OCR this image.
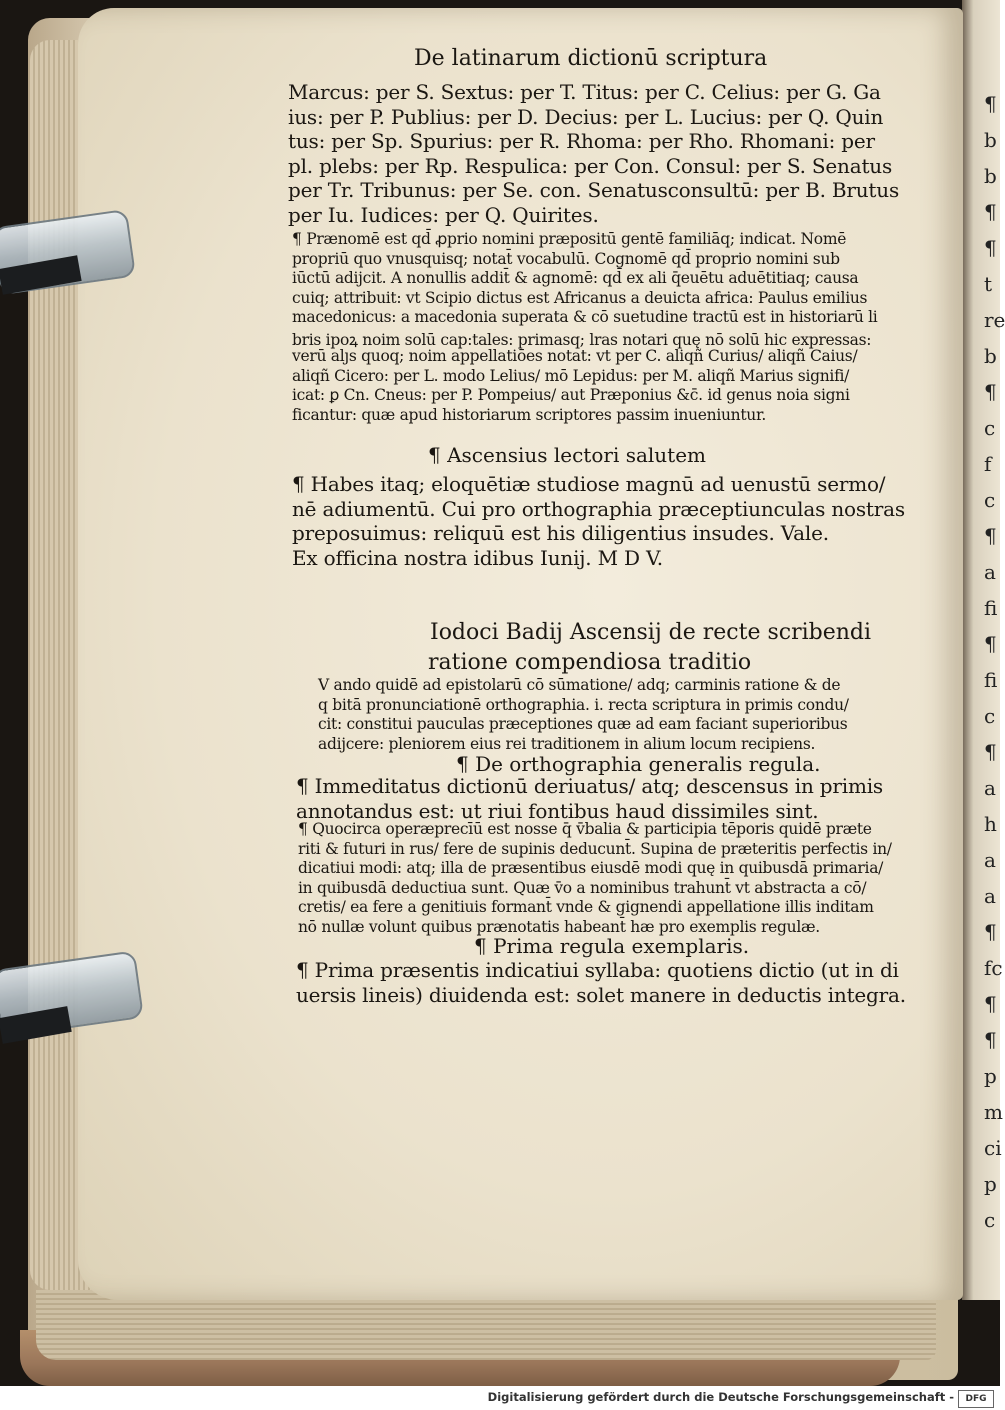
¶
b
b
¶
¶
t
re
b
¶
c
f
c
¶
a
fi
¶
fi
c
¶
a
h
a
a
¶
fc
¶
¶
p
m
ci
p
c
De latinarum dictionū scriptura
Marcus: per S. Sextus: per T. Titus: per C. Celius: per G. Ga
ius: per P. Publius: per D. Decius: per L. Lucius: per Q. Quin
tus: per Sp. Spurius: per R. Rhoma: per Rho. Rhomani: per
pl. plebs: per Rp. Respulica: per Con. Consul: per S. Senatus
per Tr. Tribunus: per Se. con. Senatusconsultū: per B. Brutus
per Iu. Iudices: per Q. Quirites.
¶ Prænomē est qd̄ ꝓprio nomini præpositū gentē familiāq; indicat. Nomē
propriū quo vnusquisq; notat̄ vocabulū. Cognomē qd̄ proprio nomini sub
iūctū adijcit. A nonullis addit̄ & agnomē: qd̄ ex ali q̄euētu aduētitiaq; causa
cuiq; attribuit: vt Scipio dictus est Africanus a deuicta africa: Paulus emilius
macedonicus: a macedonia superata & cō suetudine tractū est in historiarū li
bris ipoꝝ noim solū cap:tales: primasq; lras notari quę nō solū hic expressas:
verū alȷs quoq; noim appellatiōes notat: vt per C. aliqñ Curius/ aliqñ Caius/
aliqñ Cicero: per L. modo Lelius/ mō Lepidus: per M. aliqñ Marius signifi/
icat: ꝑ Cn. Cneus: per P. Pompeius/ aut Præponius &c̄. id genus noia signi
ficantur: quæ apud historiarum scriptores passim inueniuntur.
¶ Ascensius lectori salutem
¶ Habes itaq; eloquētiæ studiose magnū ad uenustū sermo/
nē adiumentū. Cui pro orthographia præceptiunculas nostras
preposuimus: reliquū est his diligentius insudes. Vale.
Ex officina nostra idibus Iunij. M D V.
Iodoci Badij Ascensij de recte scribendi
ratione compendiosa traditio
V ando quidē ad epistolarū cō sūmatione/ adq; carminis ratione & de
q bitā pronunciationē orthographia. i. recta scriptura in primis condu/
cit: constitui pauculas præceptiones quæ ad eam faciant superioribus
adijcere: pleniorem eius rei traditionem in alium locum recipiens.
¶ De orthographia generalis regula.
¶ Immeditatus dictionū deriuatus/ atq; descensus in primis
annotandus est: ut riui fontibus haud dissimiles sint.
¶ Quocirca operæprecīū est nosse q̄ v̄balia & participia tēporis quidē præte
riti & futuri in rus/ fere de supinis deducunt̄. Supina de præteritis perfectis in/
dicatiui modi: atq; illa de præsentibus eiusdē modi quę in quibusdā primaria/
in quibusdā deductiua sunt. Quæ v̄o a nominibus trahunt̄ vt abstracta a cō/
cretis/ ea fere a genitiuis formant̄ vnde & gignendi appellatione illis inditam
nō nullæ volunt quibus prænotatis habeant̄ hæ pro exemplis regulæ.
¶ Prima regula exemplaris.
¶ Prima præsentis indicatiui syllaba: quotiens dictio (ut in di
uersis lineis) diuidenda est: solet manere in deductis integra.
Digitalisierung gefördert durch die Deutsche Forschungsgemeinschaft -	DFG
